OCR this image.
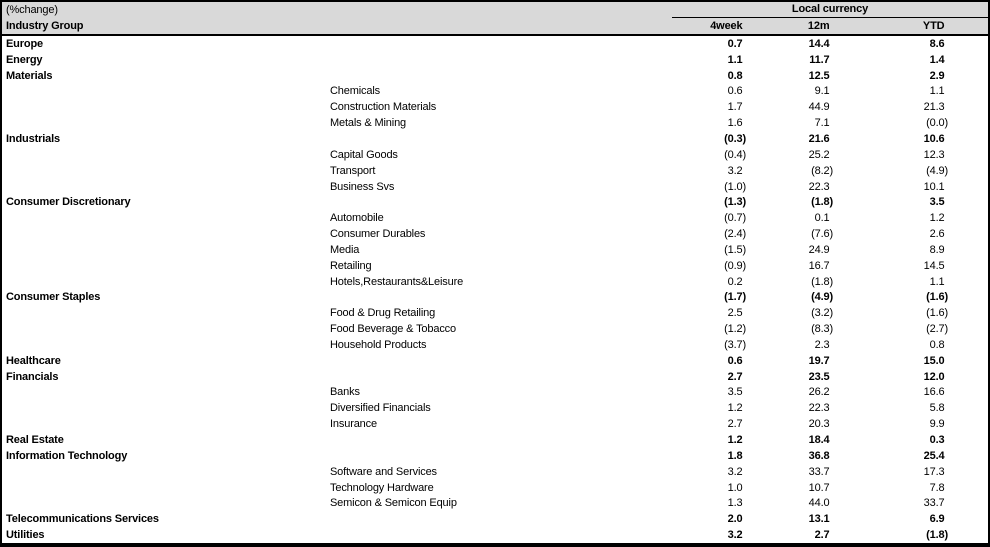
(%change)	Local currency
Industry Group	4week 	12m 	YTD 
Europe	0.7 	14.4 	8.6 
Energy	1.1 	11.7 	1.4 
Materials	0.8 	12.5 	2.9 
Chemicals	0.6 	9.1 	1.1 
Construction Materials	1.7 	44.9 	21.3 
Metals & Mining	1.6 	7.1 	(0.0)
Industrials	(0.3)	21.6 	10.6 
Capital Goods	(0.4)	25.2 	12.3 
Transport	3.2 	(8.2)	(4.9)
Business Svs	(1.0)	22.3 	10.1 
Consumer Discretionary	(1.3)	(1.8)	3.5 
Automobile	(0.7)	0.1 	1.2 
Consumer Durables	(2.4)	(7.6)	2.6 
Media	(1.5)	24.9 	8.9 
Retailing	(0.9)	16.7 	14.5 
Hotels,Restaurants&Leisure	0.2 	(1.8)	1.1 
Consumer Staples	(1.7)	(4.9)	(1.6)
Food & Drug Retailing	2.5 	(3.2)	(1.6)
Food Beverage & Tobacco	(1.2)	(8.3)	(2.7)
Household Products	(3.7)	2.3 	0.8 
Healthcare	0.6 	19.7 	15.0 
Financials	2.7 	23.5 	12.0 
Banks	3.5 	26.2 	16.6 
Diversified Financials	1.2 	22.3 	5.8 
Insurance	2.7 	20.3 	9.9 
Real Estate	1.2 	18.4 	0.3 
Information Technology	1.8 	36.8 	25.4 
Software and Services	3.2 	33.7 	17.3 
Technology Hardware	1.0 	10.7 	7.8 
Semicon & Semicon Equip	1.3 	44.0 	33.7 
Telecommunications Services	2.0 	13.1 	6.9 
Utilities	3.2 	2.7 	(1.8)
